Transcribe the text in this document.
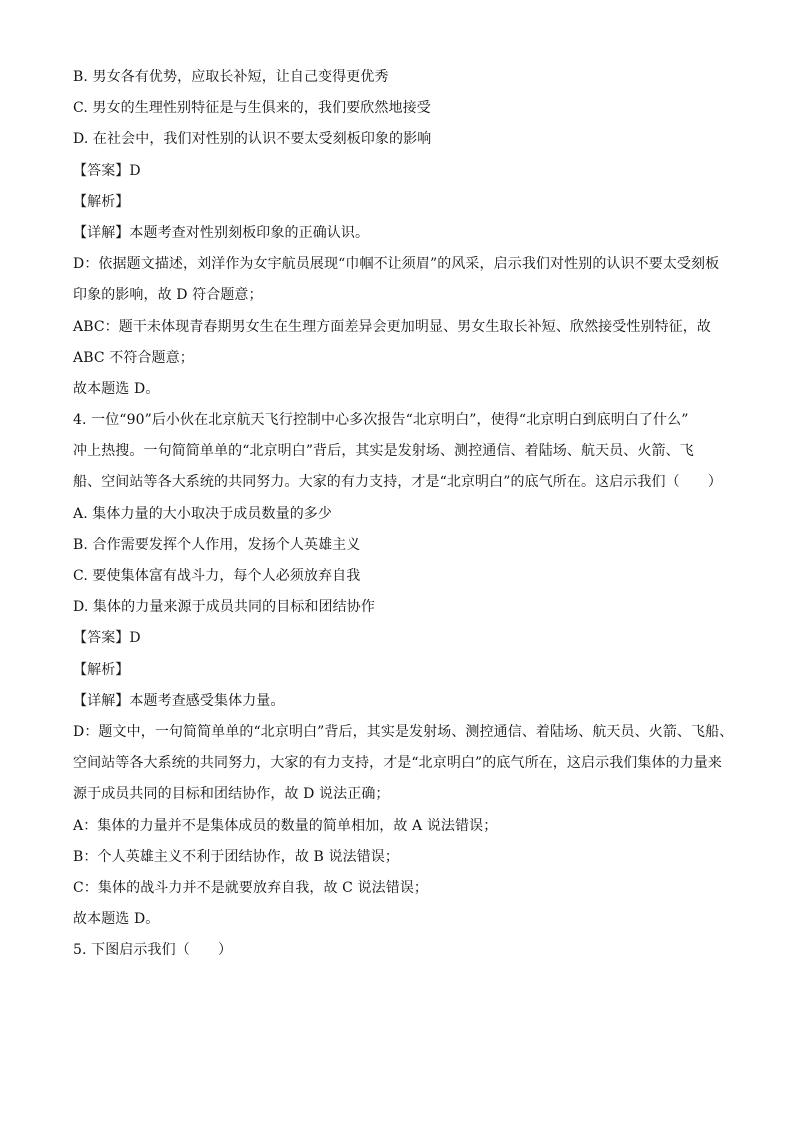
B. 男女各有优势，应取长补短，让自己变得更优秀
C. 男女的生理性别特征是与生俱来的，我们要欣然地接受
D. 在社会中，我们对性别的认识不要太受刻板印象的影响
【答案】D
【解析】
【详解】本题考查对性别刻板印象的正确认识。
D：依据题文描述，刘洋作为女宇航员展现“巾帼不让须眉”的风采，启示我们对性别的认识不要太受刻板
印象的影响，故 D 符合题意；
ABC：题干未体现青春期男女生在生理方面差异会更加明显、男女生取长补短、欣然接受性别特征，故
ABC 不符合题意；
故本题选 D。
4. 一位“90”后小伙在北京航天飞行控制中心多次报告“北京明白”，使得“北京明白到底明白了什么”
冲上热搜。一句简简单单的“北京明白”背后，其实是发射场、测控通信、着陆场、航天员、火箭、飞
船、空间站等各大系统的共同努力。大家的有力支持，才是“北京明白”的底气所在。这启示我们（　　）
A. 集体力量的大小取决于成员数量的多少
B. 合作需要发挥个人作用，发扬个人英雄主义
C. 要使集体富有战斗力，每个人必须放弃自我
D. 集体的力量来源于成员共同的目标和团结协作
【答案】D
【解析】
【详解】本题考查感受集体力量。
D：题文中，一句简简单单的“北京明白”背后，其实是发射场、测控通信、着陆场、航天员、火箭、飞船、
空间站等各大系统的共同努力，大家的有力支持，才是“北京明白”的底气所在，这启示我们集体的力量来
源于成员共同的目标和团结协作，故 D 说法正确；
A：集体的力量并不是集体成员的数量的简单相加，故 A 说法错误；
B：个人英雄主义不利于团结协作，故 B 说法错误；
C：集体的战斗力并不是就要放弃自我，故 C 说法错误；
故本题选 D。
5. 下图启示我们（　　）
